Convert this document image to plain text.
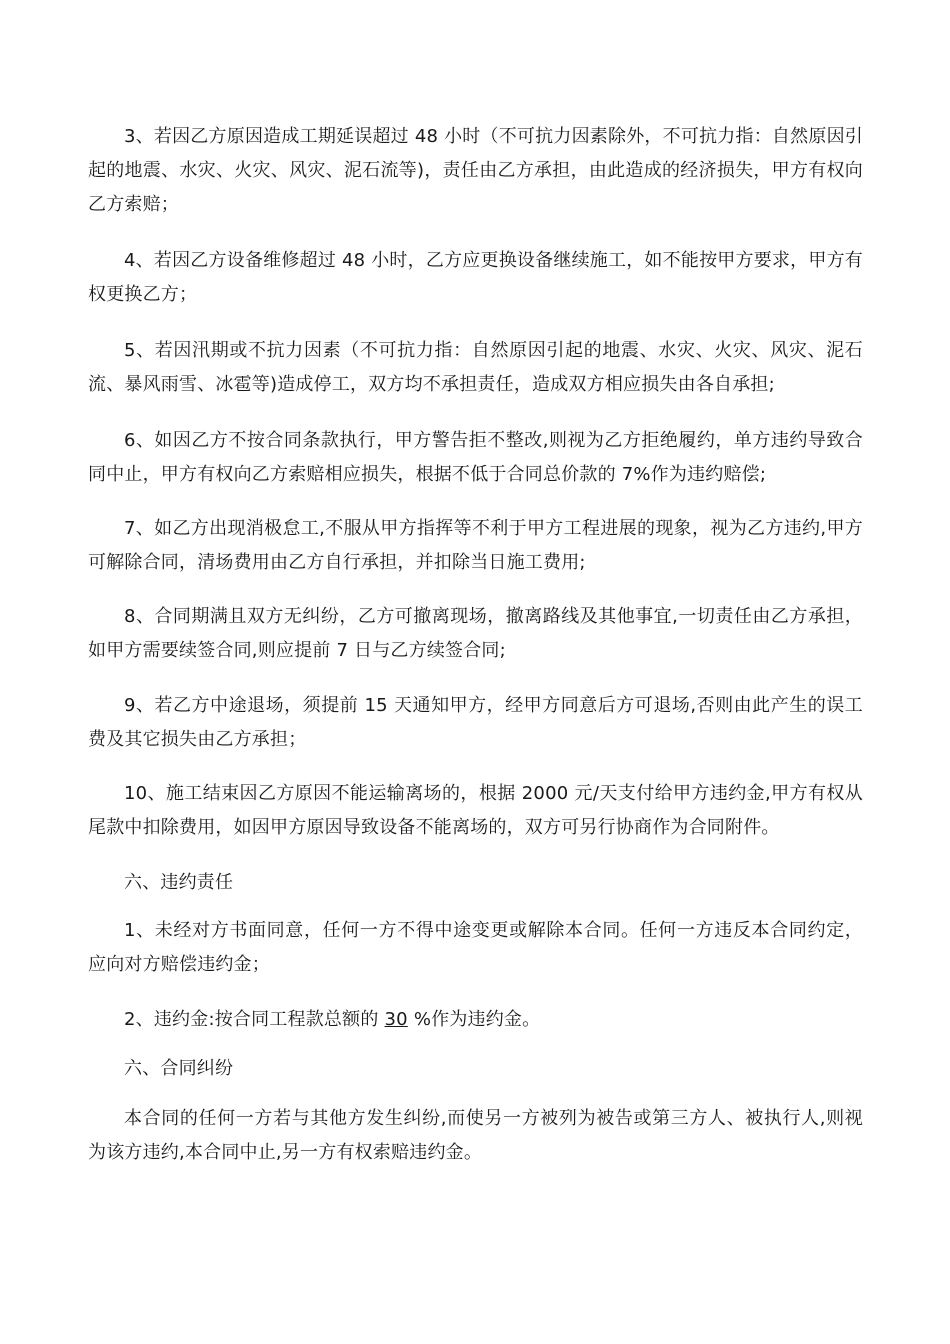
3、若因乙方原因造成工期延误超过 48 小时（不可抗力因素除外，不可抗力指：自然原因引起的地震、水灾、火灾、风灾、泥石流等)，责任由乙方承担，由此造成的经济损失，甲方有权向乙方索赔；

4、若因乙方设备维修超过 48 小时，乙方应更换设备继续施工，如不能按甲方要求，甲方有权更换乙方；

5、若因汛期或不抗力因素（不可抗力指：自然原因引起的地震、水灾、火灾、风灾、泥石流、暴风雨雪、冰雹等)造成停工，双方均不承担责任，造成双方相应损失由各自承担;

6、如因乙方不按合同条款执行，甲方警告拒不整改,则视为乙方拒绝履约，单方违约导致合同中止，甲方有权向乙方索赔相应损失，根据不低于合同总价款的 7%作为违约赔偿;

7、如乙方出现消极怠工,不服从甲方指挥等不利于甲方工程进展的现象，视为乙方违约,甲方可解除合同，清场费用由乙方自行承担，并扣除当日施工费用;

8、合同期满且双方无纠纷，乙方可撤离现场，撤离路线及其他事宜,一切责任由乙方承担，如甲方需要续签合同,则应提前 7 日与乙方续签合同;

9、若乙方中途退场，须提前 15 天通知甲方，经甲方同意后方可退场,否则由此产生的误工费及其它损失由乙方承担；

10、施工结束因乙方原因不能运输离场的，根据 2000 元/天支付给甲方违约金,甲方有权从尾款中扣除费用，如因甲方原因导致设备不能离场的，双方可另行协商作为合同附件。

六、违约责任

1、未经对方书面同意，任何一方不得中途变更或解除本合同。任何一方违反本合同约定，应向对方赔偿违约金；

2、违约金:按合同工程款总额的 30 %作为违约金。

六、合同纠纷

本合同的任何一方若与其他方发生纠纷,而使另一方被列为被告或第三方人、被执行人,则视为该方违约,本合同中止,另一方有权索赔违约金。
